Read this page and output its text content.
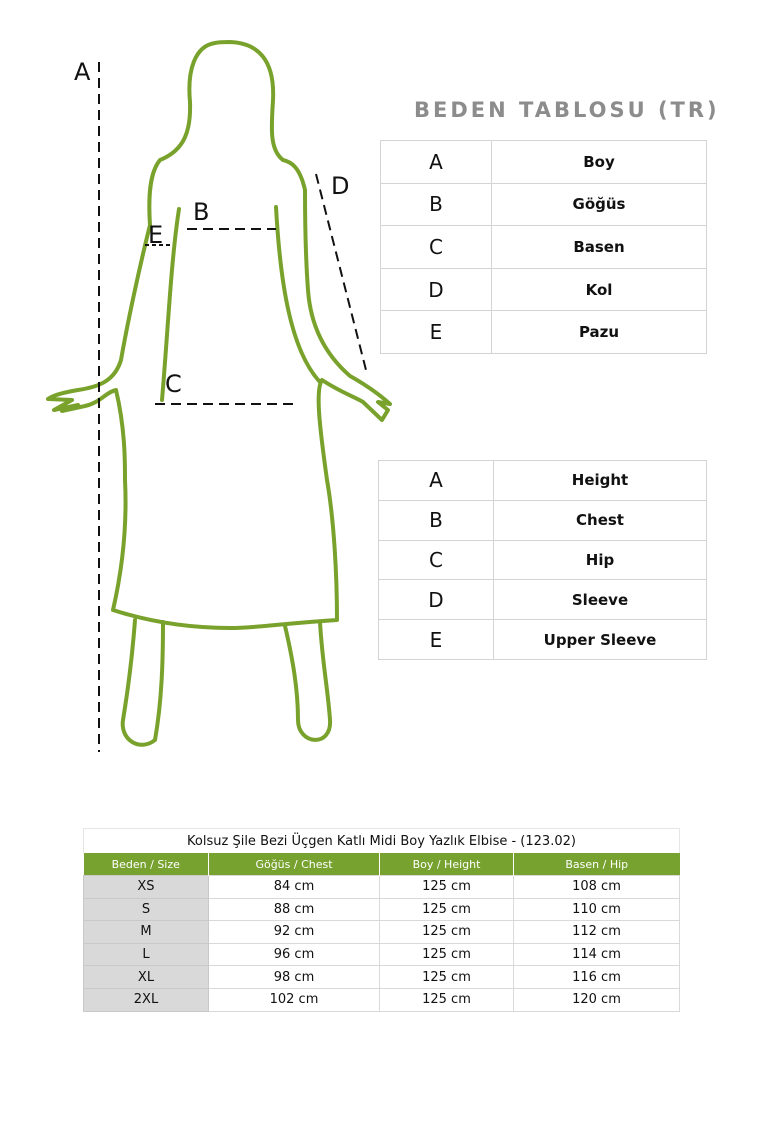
A
B
C
D
E
BEDEN TABLOSU (TR)
A	Boy
B	Göğüs
C	Basen
D	Kol
E	Pazu
A	Height
B	Chest
C	Hip
D	Sleeve
E	Upper Sleeve
Kolsuz Şile Bezi Üçgen Katlı Midi Boy Yazlık Elbise - (123.02)			
Beden / Size	Göğüs / Chest	Boy / Height	Basen / Hip
XS	84 cm	125 cm	108 cm
S	88 cm	125 cm	110 cm
M	92 cm	125 cm	112 cm
L	96 cm	125 cm	114 cm
XL	98 cm	125 cm	116 cm
2XL	102 cm	125 cm	120 cm
